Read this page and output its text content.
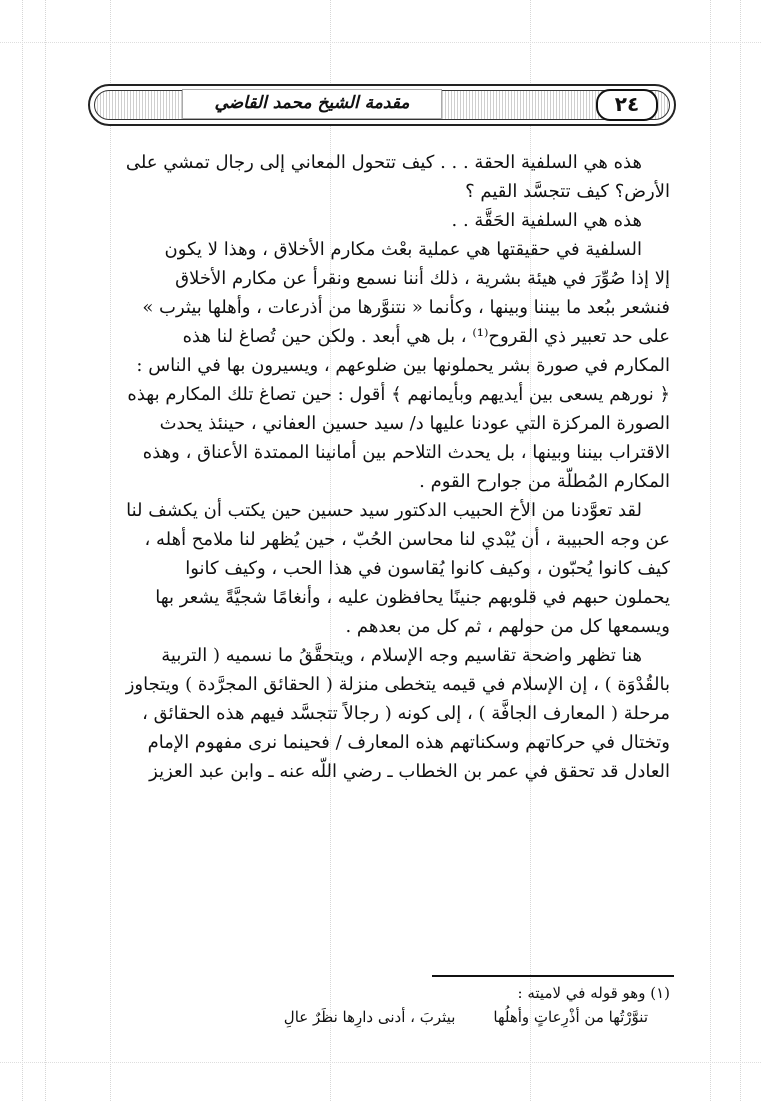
٢٤
مقدمة الشيخ محمد القاضي
هذه هي السلفية الحقة . . . كيف تتحول المعاني إلى رجال تمشي على
الأرض؟ كيف تتجسَّد القيم ؟
هذه هي السلفية الحَقَّة . .
السلفية في حقيقتها هي عملية بعْث مكارم الأخلاق ، وهذا لا يكون
إلا إذا صُوِّرَ في هيئة بشرية ، ذلك أننا نسمع ونقرأ عن مكارم الأخلاق
فنشعر ببُعد ما بيننا وبينها ، وكأنما « نتنوَّرها من أذرعات ، وأهلها بيثرب »
على حد تعبير ذي القروح⁽¹⁾ ، بل هي أبعد . ولكن حين تُصاغ لنا هذه
المكارم في صورة بشر يحملونها بين ضلوعهم ، ويسيرون بها في الناس :
﴿ نورهم يسعى بين أيديهم وبأيمانهم ﴾ أقول : حين تصاغ تلك المكارم بهذه
الصورة المركزة التي عودنا عليها د/ سيد حسين العفاني ، حينئذ يحدث
الاقتراب بيننا وبينها ، بل يحدث التلاحم بين أمانينا الممتدة الأعناق ، وهذه
المكارم المُطلَّة من جوارح القوم .
لقد تعوَّدنا من الأخ الحبيب الدكتور سيد حسين حين يكتب أن يكشف لنا
عن وجه الحبيبة ، أن يُبْدي لنا محاسن الحُبّ ، حين يُظهر لنا ملامح أهله ،
كيف كانوا يُحبّون ، وكيف كانوا يُقاسون في هذا الحب ، وكيف كانوا
يحملون حبهم في قلوبهم جنينًا يحافظون عليه ، وأنغامًا شجيَّةً يشعر بها
ويسمعها كل من حولهم ، ثم كل من بعدهم .
هنا تظهر واضحة تقاسيم وجه الإسلام ، ويتحقَّقُ ما نسميه ( التربية
بالقُدْوَة ) ، إن الإسلام في قيمه يتخطى منزلة ( الحقائق المجرَّدة ) ويتجاوز
مرحلة ( المعارف الجافَّة ) ، إلى كونه ( رجالاً تتجسَّد فيهم هذه الحقائق ،
وتختال في حركاتهم وسكناتهم هذه المعارف / فحينما نرى مفهوم الإمام
العادل قد تحقق في عمر بن الخطاب ـ رضي اللَّه عنه ـ وابن عبد العزيز
(١) وهو قوله في لاميته :
تنوَّرْتُها من أذْرِعاتٍ وأهلُها
بيثربَ ، أدنى دارِها نظَرٌ عالِ
